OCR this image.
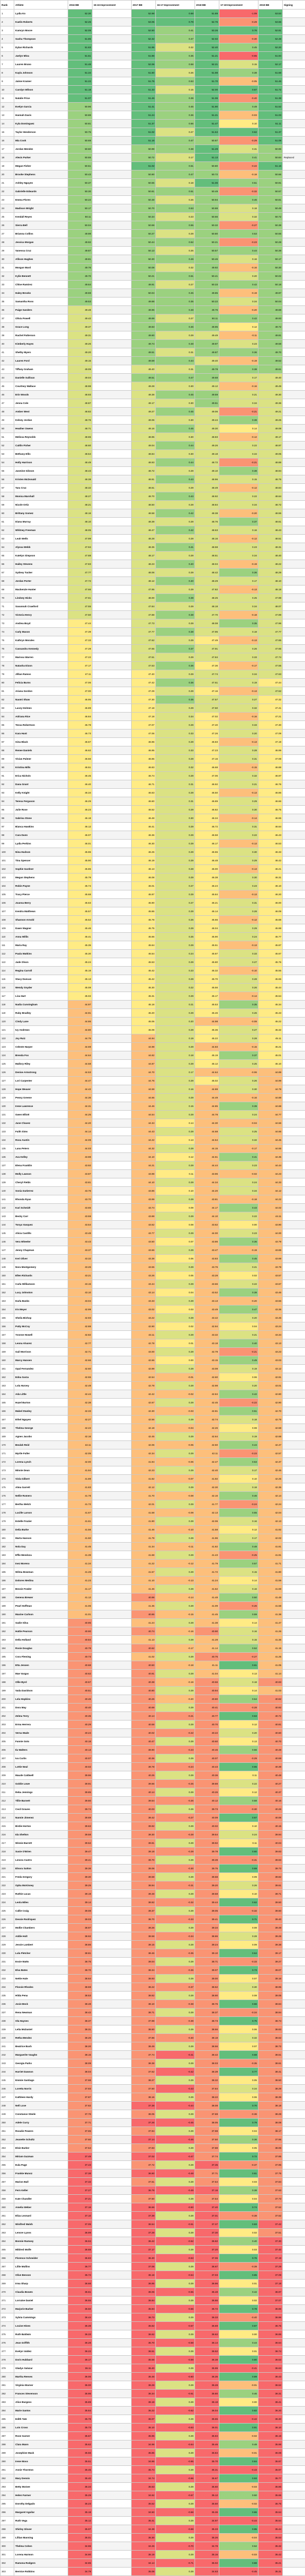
Rank	Athlete	2016 BB	15-16 Improvement	2017 BB	16-17 Improvement	2018 BB	17-18 Improvement	2019 BB	Signing
1	Lydia Ko	52.30		52.98	0.68	51.89	-1.09	53.53	
2	Kaelin Roberts	52.26		53.05	0.79	52.76	-0.29	53.66	
3	Kamryn Moore	52.09		52.50	0.41	53.26	0.76	52.81	
4	Sasha Thompson	51.85		52.32	0.47	52.02	-0.30	52.48	
5	Dylan Richards	51.63		51.95	0.32	52.40	0.45	52.20	
6	Jaelyn Mina	51.51		51.86	0.35	51.21	-0.65	51.94	
7	Lauren Bruno	51.48		52.06	0.58	52.21	0.15	52.17	
8	Kayla Johnson	51.34		51.60	0.26	51.98	0.38	51.68	
9	Jaime Kramer	51.22		51.75	0.53	51.70	-0.05	51.46	
10	Carolyn Wilson	51.18		51.33	0.15	52.00	0.67	51.72	
11	Natalie Price	51.07		51.46	0.39	51.06	-0.40	51.38	
12	Evelyn Garcia	50.96		51.41	0.45	51.90	0.49	51.52	
13	Hannah Davis	50.88		51.24	0.36	51.21	-0.03	51.03	
14	Kyla Dominguez	50.81		51.37	0.56	51.47	0.10	51.11	
15	Taylor Henderson	50.75		51.02	0.27	51.64	0.62	51.37	
16	Mia Cook	50.69		51.16	0.47	50.87	-0.29	51.09	
17	Jordan Mendez	50.60		50.98	0.38	51.29	0.31	50.96	
18	Alexis Parker	50.55		50.72	0.17	51.13	0.41	50.84	Replaced
19	Megan Fisher	50.51		51.02	0.51	50.80	-0.22	51.16	
20	Brooke Stephens	50.43		50.90	0.47	50.72	-0.18	50.66	
21	Ashley Nguyen	50.37		50.55	0.18	51.06	0.51	50.91	
22	Gabrielle Edwards	50.30		50.81	0.51	50.49	-0.32	50.57	
23	Emma Flores	50.22		50.48	0.26	50.94	0.46	50.81	
24	Madison Wright	50.17		50.70	0.53	50.88	0.18	50.49	
25	Kendall Reyes	50.11		50.34	0.23	50.66	0.32	50.72	
26	Sierra Bell	50.04		50.59	0.55	50.32	-0.27	50.38	
27	Brianna Collins	49.98		50.27	0.29	50.80	0.53	50.55	
28	Jessica Morgan	49.92		50.44	0.52	50.21	-0.23	50.28	
29	Vanessa Cruz	49.87		50.13	0.26	50.57	0.44	50.39	
30	Allison Hughes	49.81		50.30	0.49	50.46	0.16	50.17	
31	Morgan Ward	49.76		50.08	0.32	49.92	-0.16	50.30	
32	Kylie Bennett	49.70		50.21	0.51	50.41	0.20	50.02	
33	Chloe Ramirez	49.64		49.91	0.27	50.33	0.42	50.18	
34	Haley Brooks	49.59		50.04	0.45	49.85	-0.19	49.97	
35	Samantha Ross	49.53		49.88	0.35	50.22	0.34	50.04	
36	Paige Sanders	49.48		49.96	0.48	49.76	-0.20	49.88	
37	Olivia Powell	49.42		49.69	0.27	50.11	0.42	49.93	
38	Grace Long	49.37		49.83	0.46	49.95	0.12	49.72	
39	Rachel Patterson	49.31		49.60	0.29	49.49	-0.11	49.81	
40	Kimberly Hayes	49.26		49.74	0.48	49.97	0.23	49.58	
41	Shelby Myers	49.20		49.51	0.31	49.87	0.36	49.70	
42	Lauren Ford	49.15		49.59	0.44	49.40	-0.19	49.52	
43	Tiffany Graham	49.09		49.40	0.31	49.78	0.38	49.61	
44	Danielle Sullivan	49.04		49.51	0.47	49.68	0.17	49.40	
45	Courtney Wallace	48.98		49.28	0.30	49.12	-0.16	49.49	
46	Erin Woods	48.93		49.38	0.45	49.59	0.21	49.30	
47	Jenna Cole	48.87		49.17	0.30	49.51	0.34	49.36	
48	Amber West	48.82		49.27	0.45	49.06	-0.21	49.21	
49	Kelsey Jordan	48.76		49.06	0.30	49.44	0.38	49.25	
50	Heather Owens	48.71		49.16	0.45	49.30	0.14	49.08	
51	Melissa Reynolds	48.65		48.95	0.30	48.83	-0.12	49.17	
52	Caitlin Fisher	48.60		49.04	0.44	49.26	0.22	48.97	
53	Bethany Ellis	48.54		48.84	0.30	49.18	0.34	49.05	
54	Holly Harrison	48.49		48.93	0.44	48.72	-0.21	48.88	
55	Jasmine Gibson	48.43		48.72	0.29	49.10	0.38	48.94	
56	Kristen McDonald	48.38		48.81	0.43	48.96	0.15	48.76	
57	Tara Cruz	48.32		48.61	0.29	48.49	-0.12	48.84	
58	Monica Marshall	48.27		48.70	0.43	48.92	0.22	48.64	
59	Nicole Ortiz	48.21		48.50	0.29	48.84	0.34	48.72	
60	Brittany Gomez	48.16		48.58	0.42	48.38	-0.20	48.55	
61	Diana Murray	48.10		48.39	0.29	48.76	0.37	48.61	
62	Whitney Freeman	48.05		48.47	0.42	48.63	0.16	48.43	
63	Leah Wells	47.99		48.28	0.29	48.16	-0.12	48.51	
64	Alyssa Webb	47.94		48.35	0.41	48.58	0.23	48.31	
65	Katelyn Simpson	47.88		48.17	0.29	48.51	0.34	48.40	
66	Hailey Stevens	47.83		48.23	0.40	48.04	-0.19	48.22	
67	Sydney Tucker	47.77		48.06	0.29	48.42	0.36	48.29	
68	Jordan Porter	47.72		48.12	0.40	48.29	0.17	48.10	
69	Mackenzie Hunter	47.66		47.95	0.29	47.82	-0.13	48.18	
70	Lindsey Hicks	47.61		48.00	0.39	48.25	0.25	47.98	
71	Savannah Crawford	47.55		47.84	0.29	48.18	0.34	48.07	
72	Victoria Henry	47.50		47.88	0.38	47.70	-0.18	47.89	
73	Andrea Boyd	47.44		47.73	0.29	48.08	0.35	47.96	
74	Carly Mason	47.39		47.77	0.38	47.95	0.18	47.77	
75	Kathryn Morales	47.33		47.62	0.29	47.49	-0.13	47.85	
76	Cassandra Kennedy	47.28		47.65	0.37	47.91	0.26	47.65	
77	Marissa Warren	47.22		47.51	0.29	47.84	0.33	47.74	
78	Natasha Dixon	47.17		47.53	0.36	47.36	-0.17	47.55	
79	Jillian Ramos	47.11		47.40	0.29	47.74	0.34	47.63	
80	Felicia Burns	47.06		47.42	0.36	47.61	0.19	47.44	
81	Ariana Gordon	47.00		47.29	0.29	47.16	-0.13	47.52	
82	Naomi Shaw	46.95		47.30	0.35	47.57	0.27	47.32	
83	Lacey Holmes	46.89		47.18	0.29	47.50	0.32	47.41	
84	Adriana Rice	46.84		47.18	0.34	47.02	-0.16	47.21	
85	Tessa Robertson	46.78		47.07	0.29	47.40	0.33	47.30	
86	Kara Hunt	46.73		47.06	0.33	47.26	0.20	47.09	
87	Gina Black	46.67		46.96	0.29	46.83	-0.13	47.19	
88	Renee Daniels	46.62		46.95	0.33	47.23	0.28	46.99	
89	Vivian Palmer	46.56		46.85	0.29	47.16	0.31	47.08	
90	Kristina Mills	46.51		46.83	0.32	46.68	-0.15	46.88	
91	Erica Nichols	46.45		46.74	0.29	47.06	0.32	46.97	
92	Dana Grant	46.40		46.71	0.31	46.92	0.21	46.76	
93	Kelly Knight	46.34		46.63	0.29	46.50	-0.13	46.86	
94	Teresa Ferguson	46.29		46.60	0.31	46.89	0.29	46.66	
95	Julie Rose	46.23		46.52	0.29	46.82	0.30	46.75	
96	Sabrina Stone	46.18		46.48	0.30	46.34	-0.14	46.55	
97	Bianca Hawkins	46.12		46.41	0.29	46.72	0.31	46.64	
98	Cara Dunn	46.07		46.36	0.29	46.58	0.22	46.43	
99	Lydia Perkins	46.01		46.30	0.29	46.17	-0.13	46.53	
100	Nina Hudson	45.96		46.25	0.29	46.55	0.30	46.33	
101	Tina Spencer	45.90		46.19	0.29	46.48	0.29	46.42	
102	Sophie Gardner	45.85		46.13	0.28	46.00	-0.13	46.21	
103	Megan Stephens	45.79		46.08	0.29	46.38	0.30	46.31	
104	Robin Payne	45.74		46.01	0.27	46.24	0.23	46.10	
105	Tracy Pierce	45.68		45.97	0.29	45.84	-0.13	46.20	
106	Joanna Berry	45.63		45.90	0.27	46.21	0.31	46.00	
107	Kendra Matthews	45.57		45.86	0.29	46.14	0.28	46.09	
108	Shannon Arnold	45.52		45.78	0.26	45.66	-0.12	45.88	
109	Dawn Wagner	45.46		45.75	0.29	46.04	0.29	45.98	
110	Anna Willis	45.41		45.66	0.25	45.90	0.24	45.77	
111	Maria Ray	45.35		45.64	0.29	45.51	-0.13	45.87	
112	Paula Watkins	45.30		45.54	0.24	45.87	0.33	45.67	
113	Jade Olson	45.24		45.53	0.29	45.80	0.27	45.76	
114	Regina Carroll	45.19		45.42	0.23	45.32	-0.10	45.55	
115	Stacy Duncan	45.13		45.42	0.29	45.70	0.28	45.65	
116	Wendy Snyder	45.08		45.30	0.22	45.56	0.26	45.44	
117	Lisa Hart	45.02		45.31	0.29	45.17	-0.14	45.54	
118	Nadia Cunningham	44.97		45.18	0.21	45.53	0.35	45.34	
119	Ruby Bradley	44.91		45.20	0.29	45.46	0.26	45.43	
120	Cindy Lane	44.86		45.06	0.20	44.98	-0.08	45.22	
121	Ivy Andrews	44.80		45.09	0.29	45.36	0.27	45.32	
122	Joy Ruiz	44.75		44.94	0.19	45.22	0.28	45.11	
123	Celeste Harper	44.69		44.98	0.29	44.83	-0.15	45.21	
124	Brenda Fox	44.64		44.82	0.18	45.19	0.37	45.01	
125	Mallory Riley	44.58		44.87	0.29	45.12	0.25	45.10	
126	Denise Armstrong	44.53		44.70	0.17	44.64	-0.06	44.89	
127	Lori Carpenter	44.47		44.76	0.29	45.02	0.26	44.99	
128	Hope Weaver	44.42		44.58	0.16	44.88	0.30	44.78	
129	Penny Greene	44.36		44.65	0.29	44.49	-0.16	44.88	
130	Irene Lawrence	44.31		44.46	0.15	44.85	0.39	44.68	
131	Gwen Elliott	44.25		44.54	0.29	44.78	0.24	44.77	
132	June Chavez	44.20		44.34	0.14	44.30	-0.04	44.56	
133	Faith Sims	44.14		44.43	0.29	44.68	0.25	44.66	
134	Rosa Austin	44.09		44.22	0.13	44.54	0.32	44.45	
135	Lana Peters	44.03		44.32	0.29	44.15	-0.17	44.55	
136	Ava Kelley	43.98		44.10	0.12	44.51	0.41	44.35	
137	Elena Franklin	43.92		44.21	0.29	44.44	0.23	44.44	
138	Molly Lawson	43.87		43.98	0.11	43.96	-0.02	44.23	
139	Cheryl Fields	43.81		44.10	0.29	44.34	0.24	44.33	
140	Sonia Gutierrez	43.76		43.86	0.10	44.20	0.34	44.12	
141	Rhonda Ryan	43.70		43.99	0.29	43.81	-0.18	44.22	
142	Kari Schmidt	43.65		43.74	0.09	44.17	0.43	44.02	
143	Becky Carr	43.59		43.88	0.29	44.10	0.22	44.11	
144	Tonya Vasquez	43.54		43.62	0.08	43.62	0.00	43.90	
145	Alicia Castillo	43.48		43.77	0.29	44.00	0.23	44.00	
146	Vera Wheeler	43.43		43.50	0.07	43.86	0.36	43.79	
147	Jenny Chapman	43.37		43.66	0.29	43.47	-0.19	43.89	
148	Keri Oliver	43.32		43.38	0.06	43.83	0.45	43.69	
149	Nora Montgomery	43.26		43.55	0.29	43.76	0.21	43.78	
150	Ellen Richards	43.21		43.26	0.05	43.28	0.02	43.57	
151	Carla Williamson	43.15		43.44	0.29	43.66	0.22	43.67	
152	Lucy Johnston	43.10		43.14	0.04	43.52	0.38	43.46	
153	Darla Banks	43.04		43.33	0.29	43.13	-0.20	43.56	
154	Iris Meyer	42.99		43.02	0.03	43.49	0.47	43.36	
155	Sheila Bishop	42.93		43.22	0.29	43.42	0.20	43.45	
156	Patty McCoy	42.88		42.90	0.02	42.94	0.04	43.24	
157	Yvonne Howell	42.82		43.11	0.29	43.32	0.21	43.34	
158	Leona Alvarez	42.77		42.78	0.01	43.18	0.40	43.13	
159	Gail Morrison	42.71		43.00	0.29	42.79	-0.21	43.23	
160	Marcy Hansen	42.66		42.66	0.00	43.15	0.49	43.03	
161	Opal Fernandez	42.60		42.89	0.29	43.08	0.19	43.12	
162	Edna Garza	42.55		42.54	-0.01	42.60	0.06	42.91	
163	Lola Harvey	42.49		42.78	0.29	42.98	0.20	43.01	
164	Ada Little	42.44		42.42	-0.02	42.84	0.42	42.80	
165	Hazel Burton	42.38		42.67	0.29	42.45	-0.22	42.90	
166	Mabel Stanley	42.33		42.30	-0.03	42.81	0.51	42.70	
167	Ethel Nguyen	42.27		42.56	0.29	42.74	0.18	42.79	
168	Thelma George	42.22		42.18	-0.04	42.26	0.08	42.58	
169	Agnes Jacobs	42.16		42.45	0.29	42.64	0.19	42.68	
170	Beulah Reid	42.11		42.06	-0.05	42.50	0.44	42.47	
171	Myrtle Fuller	42.05		42.34	0.29	42.11	-0.23	42.57	
172	Lorena Lynch	42.00		41.94	-0.06	42.47	0.53	42.37	
173	Minnie Dean	41.94		42.23	0.29	42.40	0.17	42.46	
174	Viola Gilbert	41.89		41.82	-0.07	41.92	0.10	42.25	
175	Alma Garrett	41.83		42.12	0.29	42.30	0.18	42.35	
176	Nellie Romero	41.78		41.70	-0.08	42.16	0.46	42.14	
177	Bertha Welch	41.72		42.01	0.29	41.77	-0.24	42.24	
178	Lucille Larson	41.67		41.58	-0.09	42.13	0.55	42.04	
179	Estelle Frazier	41.61		41.90	0.29	42.06	0.16	42.13	
180	Delia Burke	41.56		41.46	-0.10	41.58	0.12	41.92	
181	Marta Hanson	41.50		41.79	0.29	41.96	0.17	42.02	
182	Nola Day	41.45		41.34	-0.11	41.82	0.48	41.81	
183	Effie Mendoza	41.39		41.68	0.29	41.43	-0.25	41.91	
184	Inez Moreno	41.34		41.22	-0.12	41.79	0.57	41.71	
185	Wilma Bowman	41.28		41.57	0.29	41.72	0.15	41.80	
186	Dolores Medina	41.23		41.10	-0.13	41.24	0.14	41.59	
187	Bessie Fowler	41.17		41.46	0.29	41.62	0.16	41.69	
188	Geneva Brewer	41.12		40.98	-0.14	41.48	0.50	41.48	
189	Pearl Hoffman	41.06		41.35	0.29	41.09	-0.26	41.58	
190	Maxine Carlson	41.01		40.86	-0.15	41.45	0.59	41.38	
191	Sadie Silva	40.95		41.24	0.29	41.38	0.14	41.47	
192	Hattie Pearson	40.90		40.74	-0.16	40.90	0.16	41.26	
193	Della Holland	40.84		41.13	0.29	41.28	0.15	41.36	
194	Rosie Douglas	40.79		40.62	-0.17	41.14	0.52	41.15	
195	Cora Fleming	40.73		41.02	0.29	40.75	-0.27	41.25	
196	Etta Jensen	40.68		40.50	-0.18	41.11	0.61	41.05	
197	Mae Vargas	40.62		40.91	0.29	41.04	0.13	41.14	
198	Ollie Byrd	40.57		40.38	-0.19	40.56	0.18	40.93	
199	Vada Davidson	40.51		40.80	0.29	40.94	0.14	41.03	
200	Lela Hopkins	40.46		40.26	-0.20	40.80	0.54	40.82	
201	Dora May	40.40		40.69	0.29	40.41	-0.28	40.92	
202	Zelma Terry	40.35		40.14	-0.21	40.77	0.63	40.72	
203	Erma Herrera	40.29		40.58	0.29	40.70	0.12	40.81	
204	Verna Wade	40.24		40.02	-0.22	40.22	0.20	40.60	
205	Fannie Soto	40.18		40.47	0.29	40.60	0.13	40.70	
206	Ila Walters	40.13		39.90	-0.23	40.46	0.56	40.49	
207	Iva Curtis	40.07		40.36	0.29	40.07	-0.29	40.59	
208	Lottie Neal	40.02		39.78	-0.24	40.43	0.65	40.39	
209	Maude Caldwell	39.96		40.25	0.29	40.36	0.11	40.48	
210	Goldie Lowe	39.91		39.66	-0.25	39.88	0.22	40.27	
211	Reba Jennings	39.85		40.14	0.29	40.26	0.12	40.37	
212	Tillie Barnett	39.80		39.54	-0.26	40.12	0.58	40.16	
213	Cecil Graves	39.74		40.03	0.29	39.73	-0.30	40.26	
214	Nannie Jimenez	39.69		39.42	-0.27	40.09	0.67	40.06	
215	Birdie Horton	39.63		39.92	0.29	40.02	0.10	40.15	
216	Ida Shelton	39.58		39.30	-0.28	39.54	0.24	39.94	
217	Winnie Barrett	39.52		39.81	0.29	39.92	0.11	40.04	
218	Susie O'Brien	39.47		39.18	-0.29	39.78	0.60	39.83	
219	Lenora Castro	39.41		39.70	0.29	39.39	-0.31	39.93	
220	Elnora Sutton	39.36		39.06	-0.30	39.75	0.69	39.73	
221	Freda Gregory	39.30		39.59	0.29	39.68	0.09	39.82	
222	Opha McKinney	39.25		38.94	-0.31	39.20	0.26	39.61	
223	Ruthie Lucas	39.19		39.48	0.29	39.58	0.10	39.71	
224	Leola Miles	39.14		38.82	-0.32	39.44	0.62	39.50	
225	Callie Craig	39.08		39.37	0.29	39.05	-0.32	39.60	
226	Dessie Rodriquez	39.03		38.70	-0.33	39.41	0.71	39.40	
227	Mollie Chambers	38.97		39.26	0.29	39.34	0.08	39.49	
228	Addie Holt	38.92		38.58	-0.34	38.86	0.28	39.28	
229	Jessie Lambert	38.86		39.15	0.29	39.24	0.09	39.38	
230	Lula Fletcher	38.81		38.46	-0.35	39.10	0.64	39.17	
231	Essie Watts	38.75		39.04	0.29	38.71	-0.33	39.27	
232	Elva Bates	38.70		38.34	-0.36	39.07	0.73	39.07	
233	Nettie Hale	38.64		38.93	0.29	39.00	0.07	39.16	
234	Flossie Rhodes	38.59		38.22	-0.37	38.52	0.30	38.95	
235	Hilda Pena	38.53		38.82	0.29	38.90	0.08	39.05	
236	Josie Beck	38.48		38.10	-0.38	38.76	0.66	38.84	
237	Rena Newman	38.42		38.71	0.29	38.37	-0.34	38.94	
238	Ola Haynes	38.37		37.98	-0.39	38.73	0.75	38.74	
239	Lelia McDaniel	38.31		38.60	0.29	38.66	0.06	38.83	
240	Retha Mendez	38.26		37.86	-0.40	38.18	0.32	38.62	
241	Beatrice Bush	38.20		38.49	0.29	38.56	0.07	38.72	
242	Marguerite Vaughn	38.15		37.74	-0.41	38.42	0.68	38.51	
243	Georgia Parks	38.09		38.38	0.29	38.03	-0.35	38.61	
244	Harriet Dawson	38.04		37.62	-0.42	38.39	0.77	38.41	
245	Emmie Santiago	37.98		38.27	0.29	38.32	0.05	38.50	
246	Loretta Norris	37.93		37.50	-0.43	37.84	0.34	38.29	
247	Kathleen Hardy	37.87		38.16	0.29	38.22	0.06	38.39	
248	Nell Love	37.82		37.38	-0.44	38.08	0.70	38.18	
249	Constance Steele	37.76		38.05	0.29	37.69	-0.36	38.28	
250	Adele Curry	37.71		37.26	-0.45	38.05	0.79	38.08	
251	Rosalie Powers	37.65		37.94	0.29	37.98	0.04	38.17	
252	Jeanette Schultz	37.60		37.14	-0.46	37.50	0.36	37.96	
253	Elsie Barker	37.54		37.83	0.29	37.88	0.05	38.06	
254	Miriam Guzman	37.49		37.02	-0.47	37.74	0.72	37.85	
255	Eula Page	37.43		37.72	0.29	37.35	-0.37	37.95	
256	Frankie Munoz	37.38		36.90	-0.48	37.71	0.81	37.75	
257	Marion Ball	37.32		37.61	0.29	37.64	0.03	37.84	
258	Fern Keller	37.27		36.78	-0.49	37.16	0.38	37.63	
259	Kate Chandler	37.21		37.50	0.29	37.54	0.04	37.73	
260	Amelia Weber	37.16		36.66	-0.50	37.40	0.74	37.52	
261	Eliza Leonard	37.10		37.39	0.29	37.01	-0.38	37.62	
262	Winifred Walsh	37.05		36.54	-0.51	37.37	0.83	37.42	
263	Lenore Lyons	36.99		37.28	0.29	37.30	0.02	37.51	
264	Bonnie Ramsey	36.94		36.42	-0.52	36.82	0.40	37.30	
265	Mildred Wolfe	36.88		37.17	0.29	37.20	0.03	37.40	
266	Florence Schneider	36.83		36.30	-0.53	37.06	0.76	37.19	
267	Lillie Mullins	36.77		37.06	0.29	36.67	-0.39	37.29	
268	Olive Benson	36.72		36.18	-0.54	37.03	0.85	37.09	
269	Irma Sharp	36.66		36.95	0.29	36.96	0.01	37.18	
270	Claudia Bowen	36.61		36.06	-0.55	36.48	0.42	36.97	
271	Lorraine Daniel	36.55		36.84	0.29	36.86	0.02	37.07	
272	Marjorie Barber	36.50		35.94	-0.56	36.72	0.78	36.86	
273	Sylvia Cummings	36.44		36.73	0.29	36.33	-0.40	36.96	
274	Louise Hines	36.39		35.82	-0.57	36.69	0.87	36.76	
275	Ruth Baldwin	36.33		36.62	0.29	36.62	0.00	36.85	
276	Jean Griffith	36.28		35.70	-0.58	36.14	0.44	36.64	
277	Evelyn Valdez	36.22		36.51	0.29	36.52	0.01	36.74	
278	Doris Hubbard	36.17		35.58	-0.59	36.38	0.80	36.53	
279	Gladys Salazar	36.11		36.40	0.29	35.99	-0.41	36.63	
280	Martha Reeves	36.06		35.46	-0.60	36.35	0.89	36.43	
281	Virginia Warner	36.00		36.29	0.29	36.28	-0.01	36.52	
282	Frances Stevenson	35.95		35.34	-0.61	35.80	0.46	36.31	
283	Alice Burgess	35.89		36.18	0.29	36.18	0.00	36.41	
284	Marie Santos	35.84		35.22	-0.62	36.04	0.82	36.20	
285	Edith Tate	35.78		36.07	0.29	35.65	-0.42	36.30	
286	Lois Cross	35.73		35.10	-0.63	36.01	0.91	36.10	
287	Rose Garner	35.67		35.96	0.29	35.94	-0.02	36.19	
288	Clara Mann	35.62		34.98	-0.64	35.46	0.48	35.98	
289	Josephine Mack	35.56		35.85	0.29	35.84	-0.01	36.08	
290	Irene Moss	35.51		34.86	-0.65	35.70	0.84	35.87	
291	Annie Thornton	35.45		35.74	0.29	35.31	-0.43	35.97	
292	Mary Dennis	35.40		34.74	-0.66	35.67	0.93	35.77	
293	Betty McGee	35.34		35.63	0.29	35.60	-0.03	35.86	
294	Helen Farmer	35.29		34.62	-0.67	35.12	0.50	35.65	
295	Dorothy Delgado	35.23		35.52	0.29	35.50	-0.02	35.75	
296	Margaret Aguilar	35.18		34.50	-0.68	35.36	0.86	35.54	
297	Ruth Vega	35.12		35.41	0.29	34.97	-0.44	35.64	
298	Shirley Glover	35.07		34.38	-0.69	35.33	0.95	35.44	
299	Lillian Manning	35.01		35.30	0.29	35.26	-0.04	35.53	
300	Thelma Cohen	34.96		34.26	-0.70	34.78	0.52	35.32	
301	Lorena Harmon	34.90		35.19	0.29	35.16	-0.03	35.42	
302	Ramona Rodgers	34.85		34.14	-0.71	35.02	0.88	35.21	
303	Bernice Robbins	34.79		35.08	0.29	34.63	-0.45	35.31	
